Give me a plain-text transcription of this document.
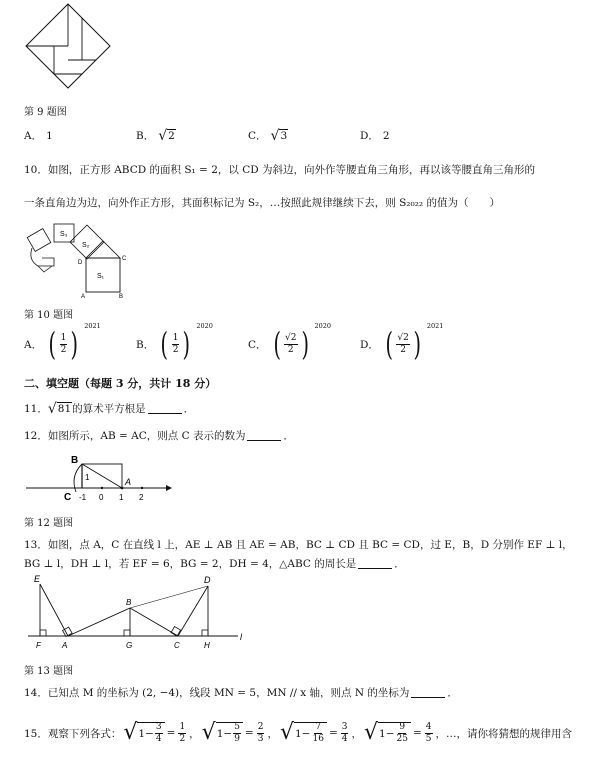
第 9 题图
A． 1	B． √ 2	C． √ 3	D． 2
10．如图，正方形 ABCD 的面积 S₁ = 2，以 CD 为斜边，向外作等腰直角三角形，再以该等腰直角三角形的
一条直角边为边，向外作正方形，其面积标记为 S₂，…按照此规律继续下去，则 S₂₀₂₂ 的值为（　　）
S₁
S₂
S₃
D
C
A	B
第 10 题图
A． ( $\frac{1}{2}$ ) 2021
B． ( $\frac{1}{2}$ ) 2020
C． ( $\frac{√2}{2}$ ) 2020
D． ( $\frac{√2}{2}$ ) 2021
二、填空题（每题 3 分，共计 18 分）
11． √ 81 的算术平方根是	．
12．如图所示，AB = AC，则点 C 表示的数为	．
B
1	A
C -1 0 1 2
第 12 题图
13．如图，点 A，C 在直线 l 上，AE ⊥ AB 且 AE = AB，BC ⊥ CD 且 BC = CD，过 E，B，D 分别作 EF ⊥ l，
BG ⊥ l，DH ⊥ l，若 EF = 6，BG = 2，DH = 4，△ABC 的周长是	．
E
F	A
B
G	C
D
H
l
第 13 题图
14．已知点 M 的坐标为 (2, −4)，线段 MN = 5，MN // x 轴，则点 N 的坐标为	．
15．观察下列各式： √ $1- \frac{3}{4} = \frac{1}{2}$ ， √ $1- \frac{5}{9} = \frac{2}{3}$ ， √ $1- \frac{7}{16} = \frac{3}{4}$ ， √ $1- \frac{9}{25} = \frac{4}{5}$ ，…，请你将猜想的规律用含
